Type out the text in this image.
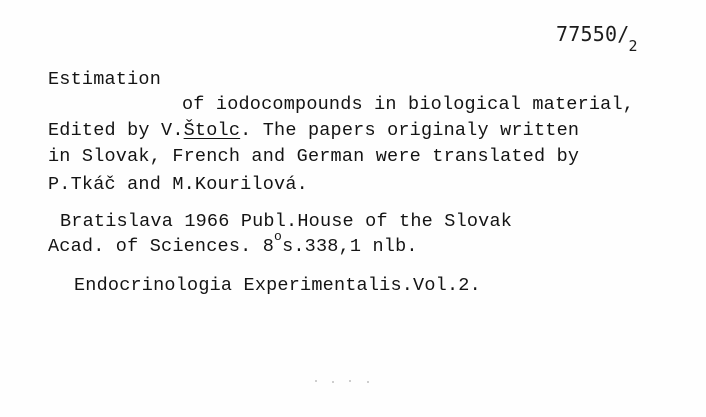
$77550/_2$
Estimation
of iodocompounds in biological material,
Edited by V.Štolc. The papers originaly written
in Slovak, French and German were translated by
P.Tkáč and M.Kourilová.
Bratislava 1966 Publ.House of the Slovak
Acad. of Sciences. 8$^o$s.338,1 nlb.
Endocrinologia Experimentalis.Vol.2.
